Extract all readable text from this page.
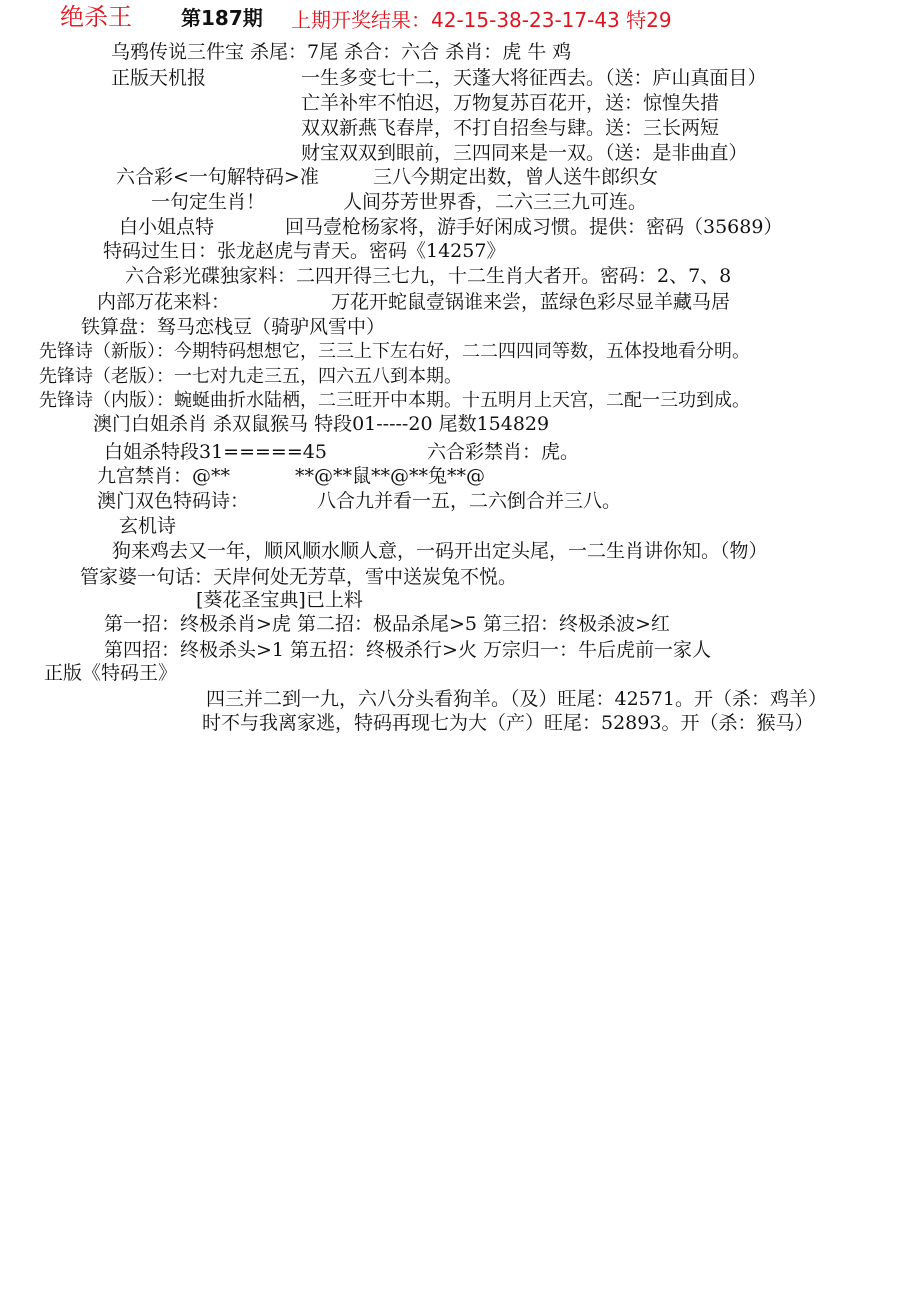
绝杀王 第187期 上期开奖结果：42-15-38-23-17-43 特29
乌鸦传说三件宝 杀尾：7尾 杀合：六合 杀肖：虎 牛 鸡
正版天机报	一生多变七十二，天蓬大将征西去。（送：庐山真面目）
亡羊补牢不怕迟，万物复苏百花开，送：惊惶失措
双双新燕飞春岸，不打自招叁与肆。送：三长两短
财宝双双到眼前，三四同来是一双。（送：是非曲直）
六合彩<一句解特码>准	三八今期定出数，曾人送牛郎织女
一句定生肖！	人间芬芳世界香，二六三三九可连。
白小姐点特	回马壹枪杨家将，游手好闲成习惯。提供：密码（35689）
特码过生日：张龙赵虎与青天。密码《14257》
六合彩光碟独家料：二四开得三七九，十二生肖大者开。密码：2、7、8
内部万花来料：	万花开蛇鼠壹锅谁来尝，蓝绿色彩尽显羊藏马居
铁算盘：驽马恋栈豆（骑驴风雪中）
先锋诗（新版）：今期特码想想它，三三上下左右好，二二四四同等数，五体投地看分明。
先锋诗（老版）：一七对九走三五，四六五八到本期。
先锋诗（内版）：蜿蜒曲折水陆栖，二三旺开中本期。十五明月上天宫，二配一三功到成。
澳门白姐杀肖 杀双鼠猴马 特段01-----20 尾数154829
白姐杀特段31=====45	六合彩禁肖：虎。
九宫禁肖：@**	**@**鼠**@**兔**@
澳门双色特码诗：	八合九并看一五，二六倒合并三八。
玄机诗
狗来鸡去又一年，顺风顺水顺人意，一码开出定头尾，一二生肖讲你知。（物）
管家婆一句话：天岸何处无芳草，雪中送炭兔不悦。
[葵花圣宝典]已上料
第一招：终极杀肖>虎 第二招：极品杀尾>5 第三招：终极杀波>红
第四招：终极杀头>1 第五招：终极杀行>火 万宗归一：牛后虎前一家人
正版《特码王》
四三并二到一九，六八分头看狗羊。（及）旺尾：42571。开（杀：鸡羊）
时不与我离家逃，特码再现七为大（产）旺尾：52893。开（杀：猴马）
